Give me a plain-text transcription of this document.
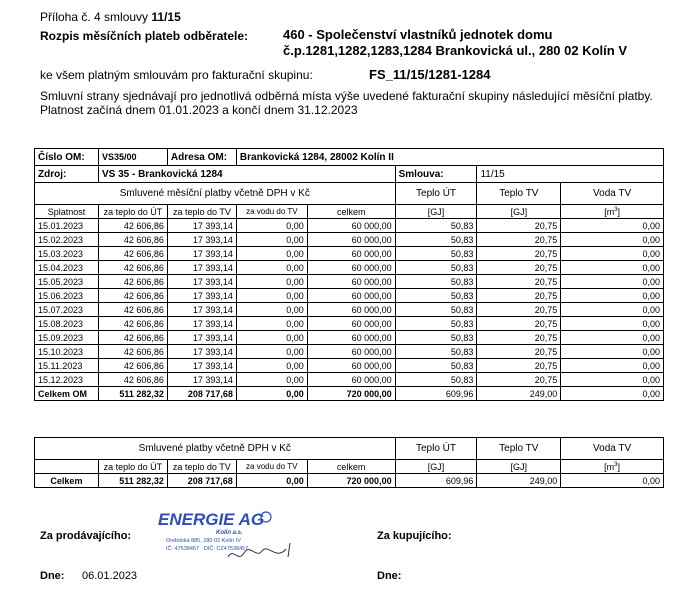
Příloha č. 4 smlouvy 11/15
Rozpis měsíčních plateb odběratele:	460 - Společenství vlastníků jednotek domu
č.p.1281,1282,1283,1284 Brankovická ul., 280 02 Kolín V
ke všem platným smlouvám pro fakturační skupinu:	FS_11/15/1281-1284
Smluvní strany sjednávají pro jednotlivá odběrná místa výše uvedené fakturační skupiny následující měsíční platby.
Platnost začíná dnem 01.01.2023 a končí dnem 31.12.2023
Číslo OM:	VS35/00	Adresa OM:	Brankovická 1284, 28002 Kolín II				
Zdroj:	VS 35 - Brankovická 1284				Smlouva:	11/15	
Smluvené měsíční platby včetně DPH v Kč					Teplo ÚT	Teplo TV	Voda TV
Splatnost	za teplo do ÚT	za teplo do TV	za vodu do TV	celkem	[GJ]	[GJ]	$[m^3]$
15.01.2023	42 606,86	17 393,14	0,00	60 000,00	50,83	20,75	0,00
15.02.2023	42 606,86	17 393,14	0,00	60 000,00	50,83	20,75	0,00
15.03.2023	42 606,86	17 393,14	0,00	60 000,00	50,83	20,75	0,00
15.04.2023	42 606,86	17 393,14	0,00	60 000,00	50,83	20,75	0,00
15.05.2023	42 606,86	17 393,14	0,00	60 000,00	50,83	20,75	0,00
15.06.2023	42 606,86	17 393,14	0,00	60 000,00	50,83	20,75	0,00
15.07.2023	42 606,86	17 393,14	0,00	60 000,00	50,83	20,75	0,00
15.08.2023	42 606,86	17 393,14	0,00	60 000,00	50,83	20,75	0,00
15.09.2023	42 606,86	17 393,14	0,00	60 000,00	50,83	20,75	0,00
15.10.2023	42 606,86	17 393,14	0,00	60 000,00	50,83	20,75	0,00
15.11.2023	42 606,86	17 393,14	0,00	60 000,00	50,83	20,75	0,00
15.12.2023	42 606,86	17 393,14	0,00	60 000,00	50,83	20,75	0,00
Celkem OM	511 282,32	208 717,68	0,00	720 000,00	609,96	249,00	0,00
Smluvené platby včetně DPH v Kč					Teplo ÚT	Teplo TV	Voda TV
	za teplo do ÚT	za teplo do TV	za vodu do TV	celkem	[GJ]	[GJ]	$[m^3]$
Celkem	511 282,32	208 717,68	0,00	720 000,00	609,96	249,00	0,00
Za prodávajícího:	Za kupujícího:
Dne: 06.01.2023	Dne:
ENERGIE AG
Kolín a.s.
Orebitská 885, 280 02 Kolín IV
IČ: 47538457 · DIČ: CZ47538457
